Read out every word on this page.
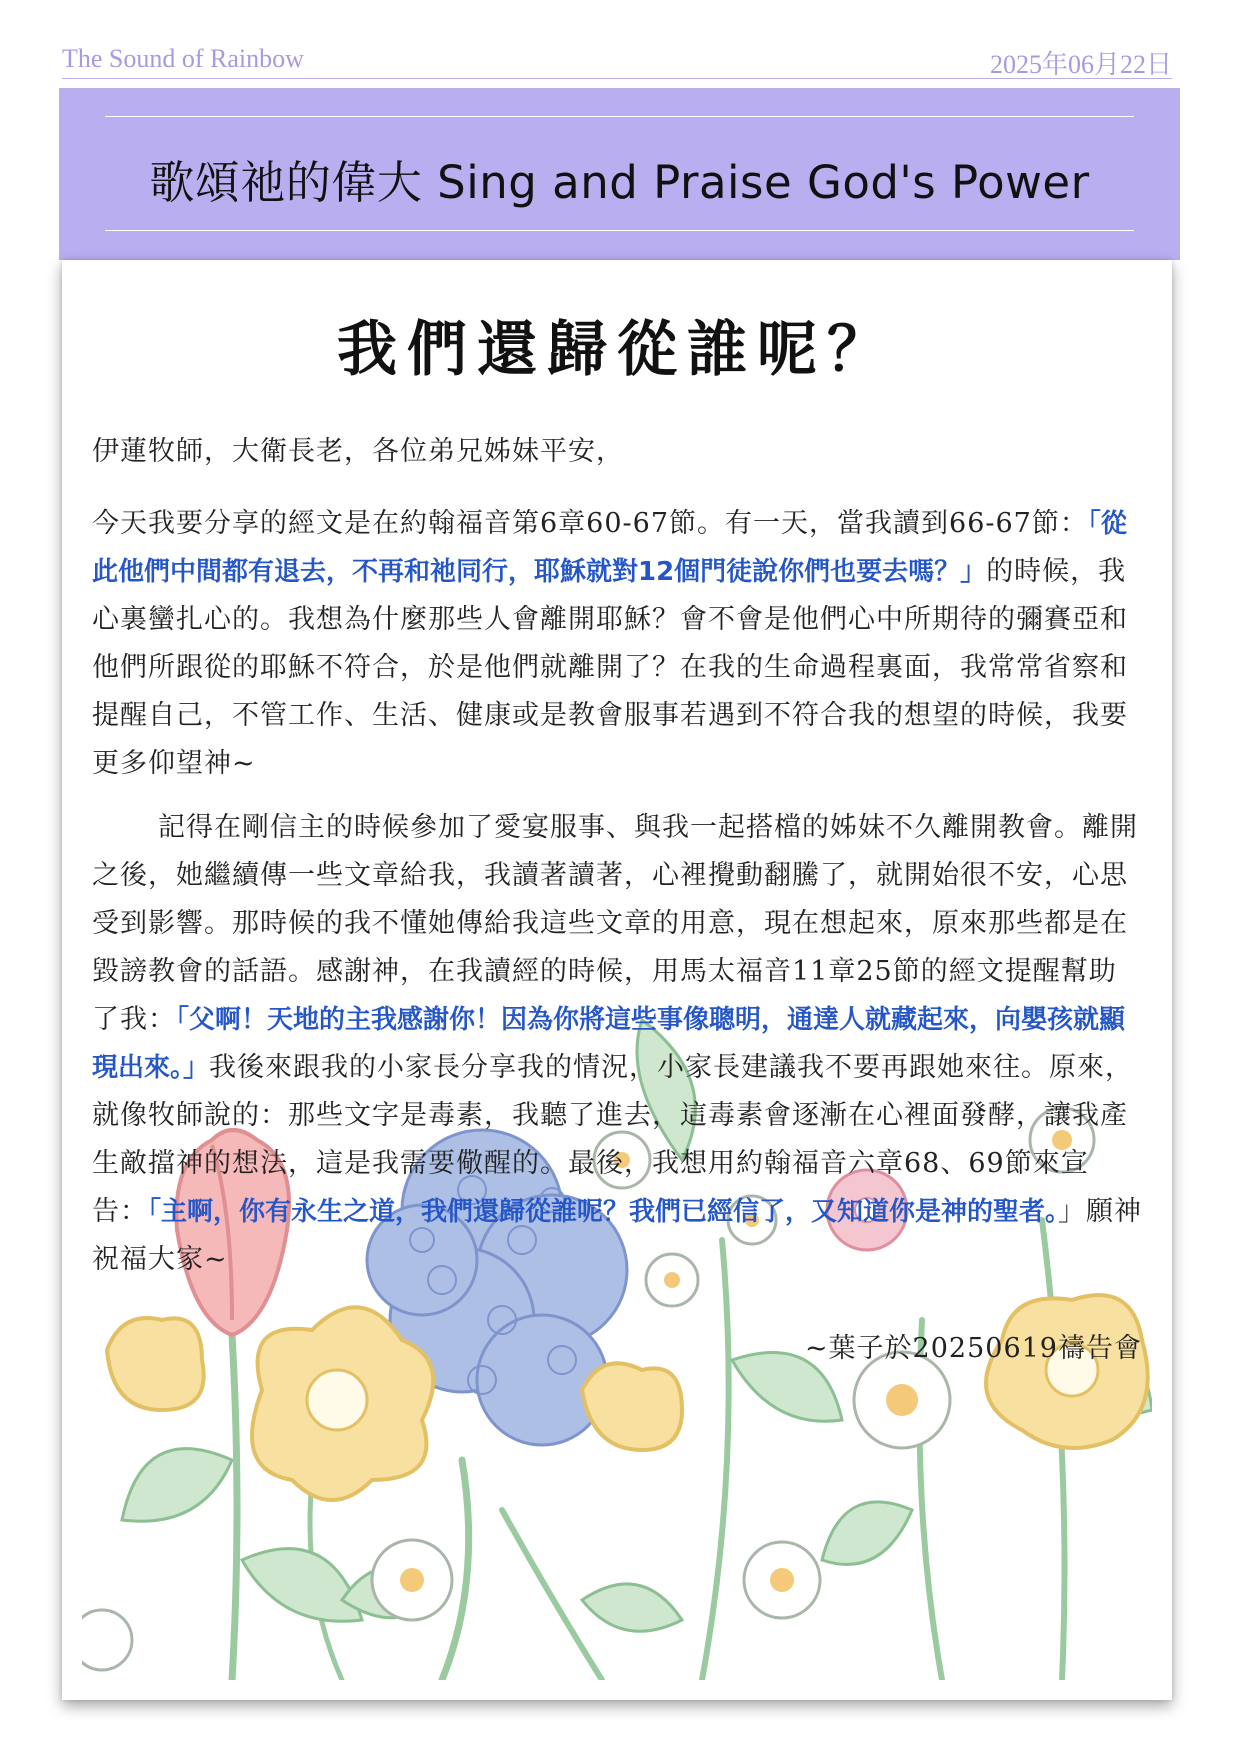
The Sound of Rainbow	2025年06月22日
歌頌祂的偉大 Sing and Praise God's Power
我們還歸從誰呢？
伊蓮牧師，大衛長老，各位弟兄姊妹平安，
今天我要分享的經文是在約翰福音第6章60-67節。有一天，當我讀到66-67節：「從此他們中間都有退去，不再和祂同行，耶穌就對12個門徒說你們也要去嗎？」的時候，我心裏蠻扎心的。我想為什麼那些人會離開耶穌？會不會是他們心中所期待的彌賽亞和他們所跟從的耶穌不符合，於是他們就離開了？在我的生命過程裏面，我常常省察和提醒自己，不管工作、生活、健康或是教會服事若遇到不符合我的想望的時候，我要更多仰望神~
記得在剛信主的時候參加了愛宴服事、與我一起搭檔的姊妹不久離開教會。離開之後，她繼續傳一些文章給我，我讀著讀著，心裡攪動翻騰了，就開始很不安，心思受到影響。那時候的我不懂她傳給我這些文章的用意，現在想起來，原來那些都是在毀謗教會的話語。感謝神，在我讀經的時候，用馬太福音11章25節的經文提醒幫助了我：「父啊！天地的主我感謝你！因為你將這些事像聰明，通達人就藏起來，向嬰孩就顯現出來。」我後來跟我的小家長分享我的情況，小家長建議我不要再跟她來往。原來，就像牧師說的：那些文字是毒素，我聽了進去，這毒素會逐漸在心裡面發酵，讓我產生敵擋神的想法，這是我需要儆醒的。最後，我想用約翰福音六章68、69節來宣告：「主啊，你有永生之道，我們還歸從誰呢？我們已經信了，又知道你是神的聖者。」願神祝福大家~
~葉子於20250619禱告會
